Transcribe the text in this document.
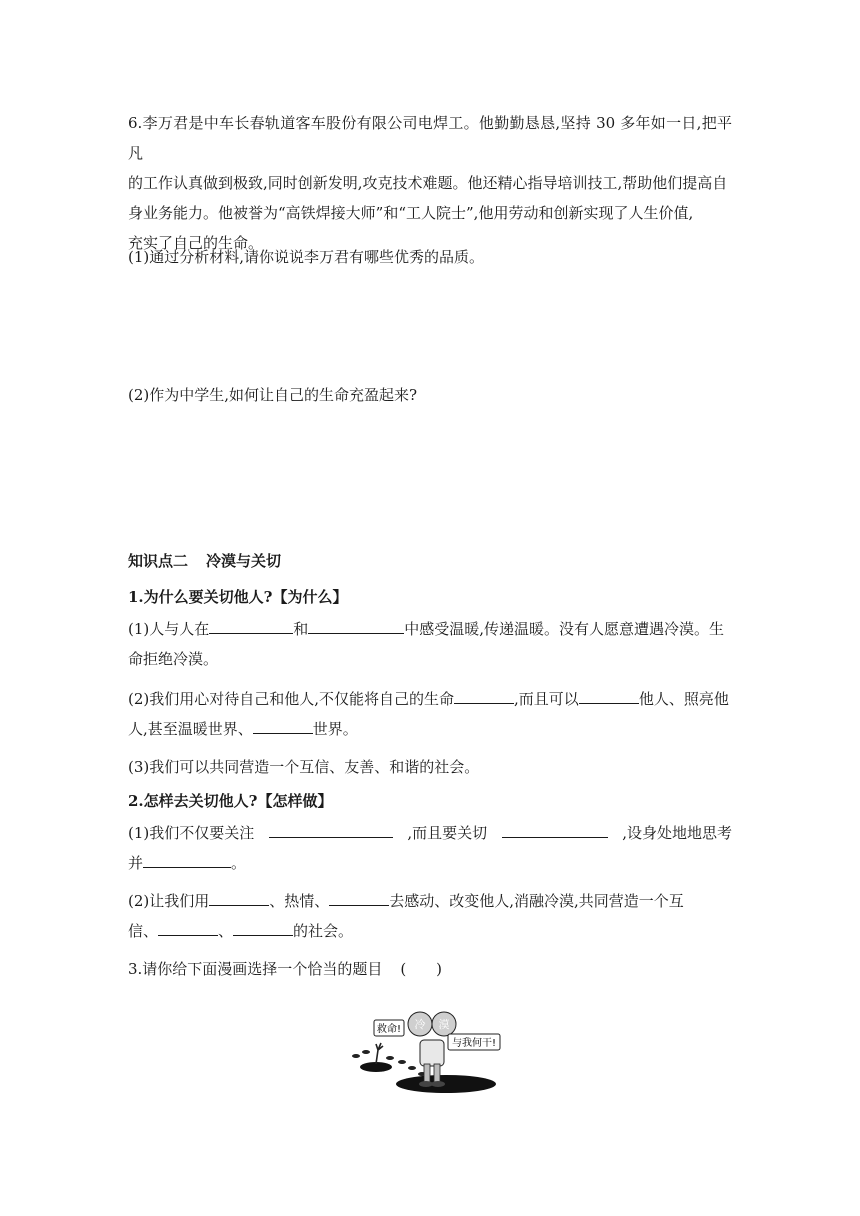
6.李万君是中车长春轨道客车股份有限公司电焊工。他勤勤恳恳,坚持 30 多年如一日,把平凡
的工作认真做到极致,同时创新发明,攻克技术难题。他还精心指导培训技工,帮助他们提高自
身业务能力。他被誉为“高铁焊接大师”和“工人院士”,他用劳动和创新实现了人生价值,
充实了自己的生命。
(1)通过分析材料,请你说说李万君有哪些优秀的品质。
(2)作为中学生,如何让自己的生命充盈起来?
知识点二 冷漠与关切
1.为什么要关切他人?【为什么】
(1)人与人在	和	中感受温暖,传递温暖。没有人愿意遭遇冷漠。生
命拒绝冷漠。
(2)我们用心对待自己和他人,不仅能将自己的生命	,而且可以	他人、照亮他
人,甚至温暖世界、	世界。
(3)我们可以共同营造一个互信、友善、和谐的社会。
2.怎样去关切他人?【怎样做】
(1)我们不仅要关注	,而且要关切	,设身处地地思考
并	。
(2)让我们用	、热情、	去感动、改变他人,消融冷漠,共同营造一个互
信、	、	的社会。
3.请你给下面漫画选择一个恰当的题目 (　　)
救命! 冷 漠
与我何干!
